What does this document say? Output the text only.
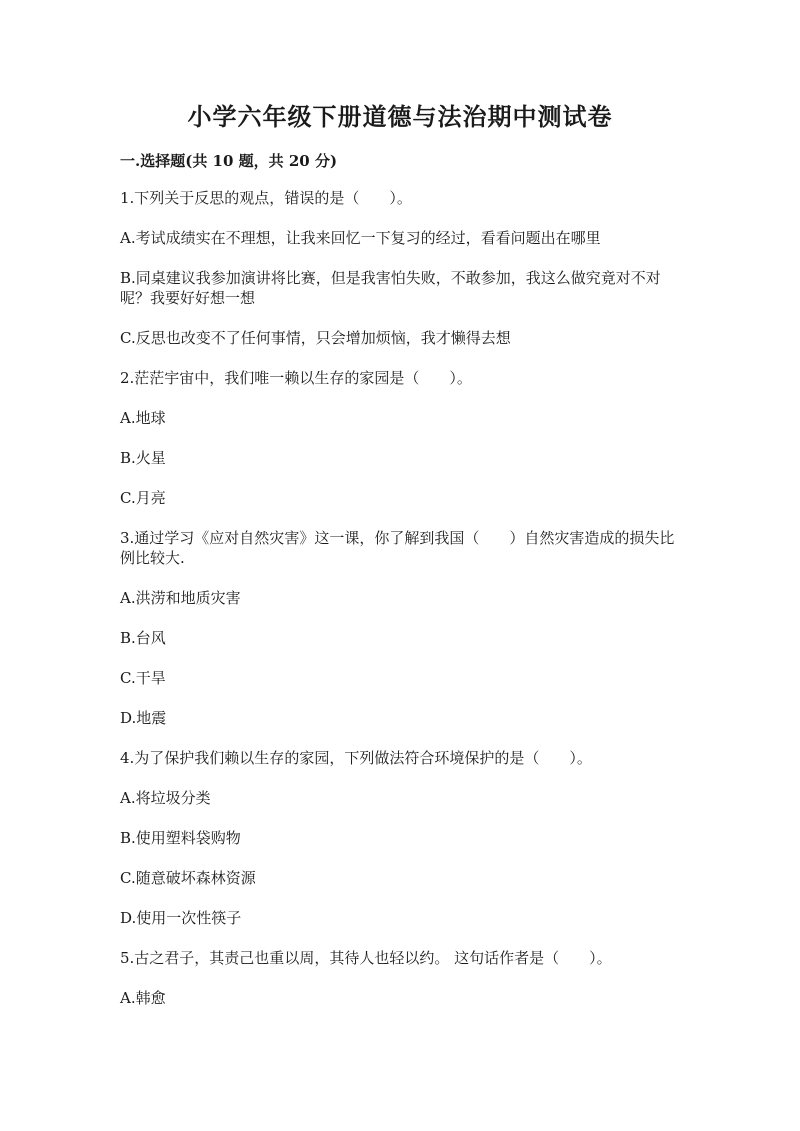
小学六年级下册道德与法治期中测试卷
一.选择题(共 10 题，共 20 分)
1.下列关于反思的观点，错误的是（　　）。
A.考试成绩实在不理想，让我来回忆一下复习的经过，看看问题出在哪里
B.同桌建议我参加演讲将比赛，但是我害怕失败，不敢参加，我这么做究竟对不对呢？我要好好想一想
C.反思也改变不了任何事情，只会增加烦恼，我才懒得去想
2.茫茫宇宙中，我们唯一赖以生存的家园是（　　）。
A.地球
B.火星
C.月亮
3.通过学习《应对自然灾害》这一课，你了解到我国（　　）自然灾害造成的损失比例比较大.
A.洪涝和地质灾害
B.台风
C.干旱
D.地震
4.为了保护我们赖以生存的家园，下列做法符合环境保护的是（　　）。
A.将垃圾分类
B.使用塑料袋购物
C.随意破坏森林资源
D.使用一次性筷子
5.古之君子，其责己也重以周，其待人也轻以约。 这句话作者是（　　）。
A.韩愈
